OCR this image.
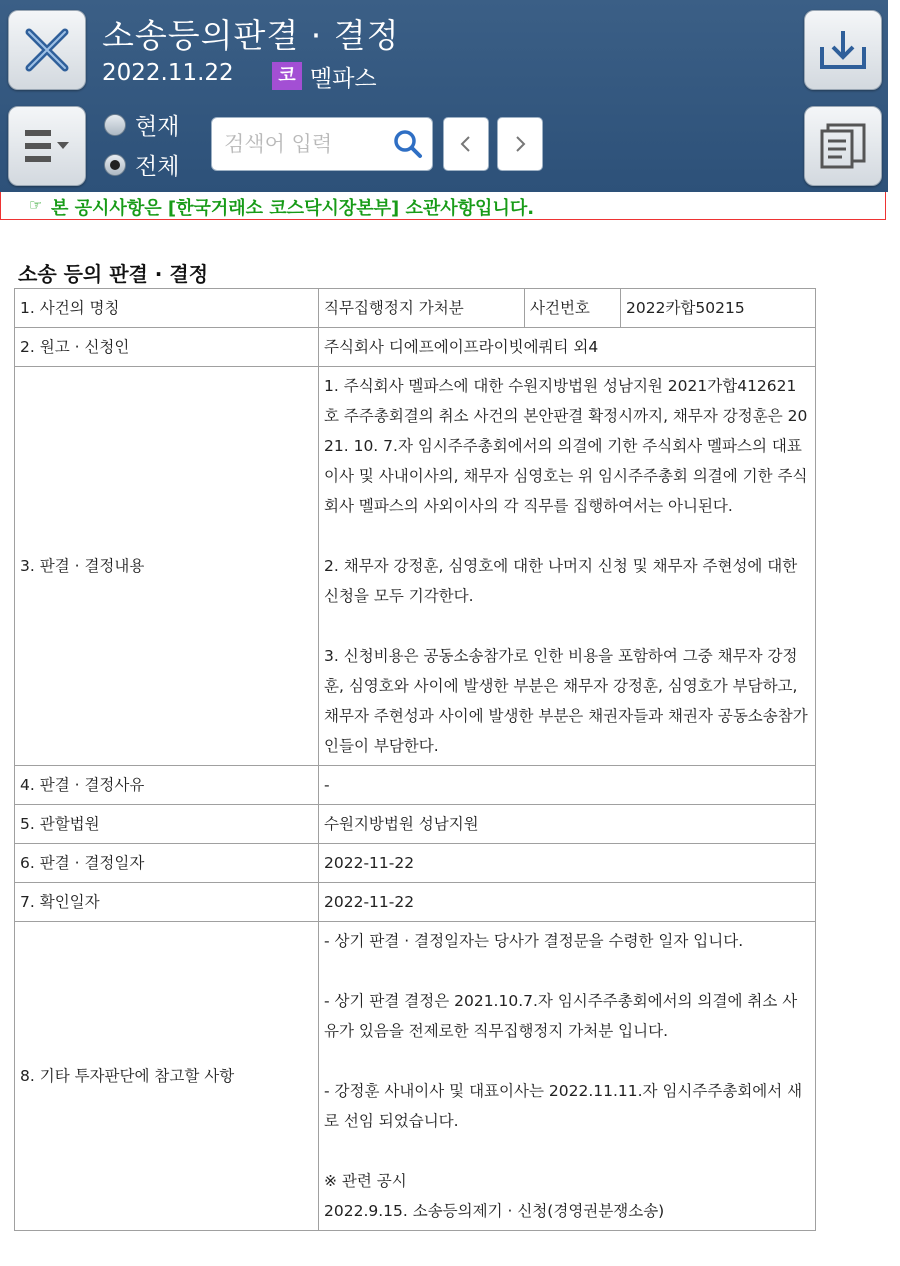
소송등의판결 · 결정
2022.11.22	코 멜파스
현재
전체
검색어 입력
☞ 본 공시사항은 [한국거래소 코스닥시장본부] 소관사항입니다.
소송 등의 판결 · 결정
1. 사건의 명칭	직무집행정지 가처분	사건번호	2022카합50215
2. 원고 · 신청인	주식회사 디에프에이프라이빗에쿼티 외4		
3. 판결 · 결정내용	1. 주식회사 멜파스에 대한 수원지방법원 성남지원 2021가합412621호 주주총회결의 취소 사건의 본안판결 확정시까지, 채무자 강정훈은 2021. 10. 7.자 임시주주총회에서의 의결에 기한 주식회사 멜파스의 대표이사 및 사내이사의, 채무자 심영호는 위 임시주주총회 의결에 기한 주식회사 멜파스의 사외이사의 각 직무를 집행하여서는 아니된다.
2. 채무자 강정훈, 심영호에 대한 나머지 신청 및 채무자 주현성에 대한 신청을 모두 기각한다.
3. 신청비용은 공동소송참가로 인한 비용을 포함하여 그중 채무자 강정훈, 심영호와 사이에 발생한 부분은 채무자 강정훈, 심영호가 부담하고, 채무자 주현성과 사이에 발생한 부분은 채권자들과 채권자 공동소송참가인들이 부담한다.		

4. 판결 · 결정사유	-		
5. 관할법원	수원지방법원 성남지원		
6. 판결 · 결정일자	2022-11-22		
7. 확인일자	2022-11-22		
8. 기타 투자판단에 참고할 사항	- 상기 판결 · 결정일자는 당사가 결정문을 수령한 일자 입니다.
- 상기 판결 결정은 2021.10.7.자 임시주주총회에서의 의결에 취소 사유가 있음을 전제로한 직무집행정지 가처분 입니다.
- 강정훈 사내이사 및 대표이사는 2022.11.11.자 임시주주총회에서 새로 선임 되었습니다.
※ 관련 공시
2022.9.15. 소송등의제기 · 신청(경영권분쟁소송)		
